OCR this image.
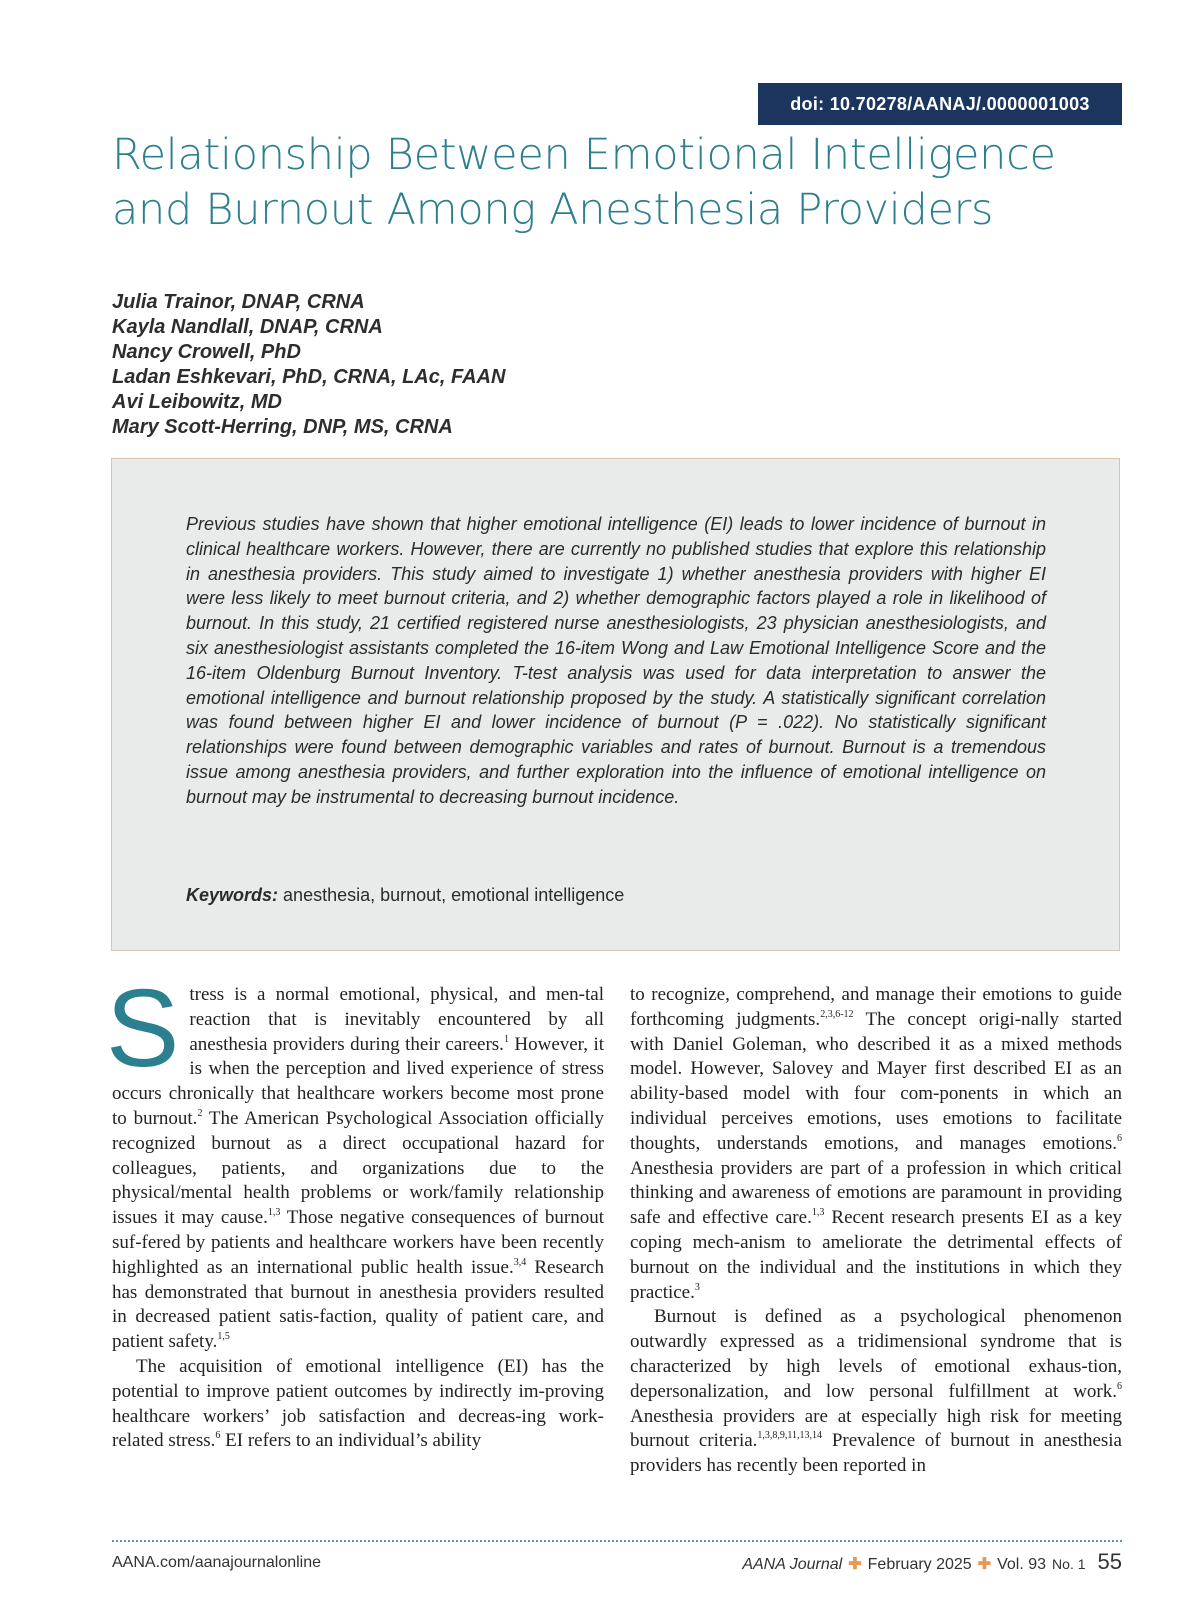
doi: 10.70278/AANAJ/.0000001003
Relationship Between Emotional Intelligence
and Burnout Among Anesthesia Providers
Julia Trainor, DNAP, CRNA
Kayla Nandlall, DNAP, CRNA
Nancy Crowell, PhD
Ladan Eshkevari, PhD, CRNA, LAc, FAAN
Avi Leibowitz, MD
Mary Scott-Herring, DNP, MS, CRNA

Previous studies have shown that higher emotional intelligence (EI) leads to lower incidence of burnout in clinical healthcare workers. However, there are currently no published studies that explore this relationship in anesthesia providers. This study aimed to investigate 1) whether anesthesia providers with higher EI were less likely to meet burnout criteria, and 2) whether demographic factors played a role in likelihood of burnout. In this study, 21 certified registered nurse anesthesiologists, 23 physician anesthesiologists, and six anesthesiologist assistants completed the 16-item Wong and Law Emotional Intelligence Score and the 16-item Oldenburg Burnout Inventory. T-test analysis was used for data interpretation to answer the emotional intelligence and burnout relationship proposed by the study. A statistically significant correlation was found between higher EI and lower incidence of burnout (P = .022). No statistically significant relationships were found between demographic variables and rates of burnout. Burnout is a tremendous issue among anesthesia providers, and further exploration into the influence of emotional intelligence on burnout may be instrumental to decreasing burnout incidence.

Keywords: anesthesia, burnout, emotional intelligence

Stress is a normal emotional, physical, and men-tal reaction that is inevitably encountered by all anesthesia providers during their careers.$^1$ However, it is when the perception and lived experience of stress occurs chronically that healthcare workers become most prone to burnout.$^2$ The American Psychological Association officially recognized burnout as a direct occupational hazard for colleagues, patients, and organizations due to the physical/mental health problems or work/family relationship issues it may cause.$^{1,3}$ Those negative consequences of burnout suf-fered by patients and healthcare workers have been recently highlighted as an international public health issue.$^{3,4}$ Research has demonstrated that burnout in anesthesia providers resulted in decreased patient satis-faction, quality of patient care, and patient safety.$^{1,5}$

The acquisition of emotional intelligence (EI) has the potential to improve patient outcomes by indirectly im-proving healthcare workers’ job satisfaction and decreas-ing work-related stress.$^6$ EI refers to an individual’s ability

to recognize, comprehend, and manage their emotions to guide forthcoming judgments.$^{2,3,6-12}$ The concept origi-nally started with Daniel Goleman, who described it as a mixed methods model. However, Salovey and Mayer first described EI as an ability-based model with four com-ponents in which an individual perceives emotions, uses emotions to facilitate thoughts, understands emotions, and manages emotions.$^6$ Anesthesia providers are part of a profession in which critical thinking and awareness of emotions are paramount in providing safe and effective care.$^{1,3}$ Recent research presents EI as a key coping mech-anism to ameliorate the detrimental effects of burnout on the individual and the institutions in which they practice.$^3$

Burnout is defined as a psychological phenomenon outwardly expressed as a tridimensional syndrome that is characterized by high levels of emotional exhaus-tion, depersonalization, and low personal fulfillment at work.$^6$ Anesthesia providers are at especially high risk for meeting burnout criteria.$^{1,3,8,9,11,13,14}$ Prevalence of burnout in anesthesia providers has recently been reported in

AANA.com/aanajournalonline	AANA Journal ✚ February 2025 ✚ Vol. 93 No. 1 55
